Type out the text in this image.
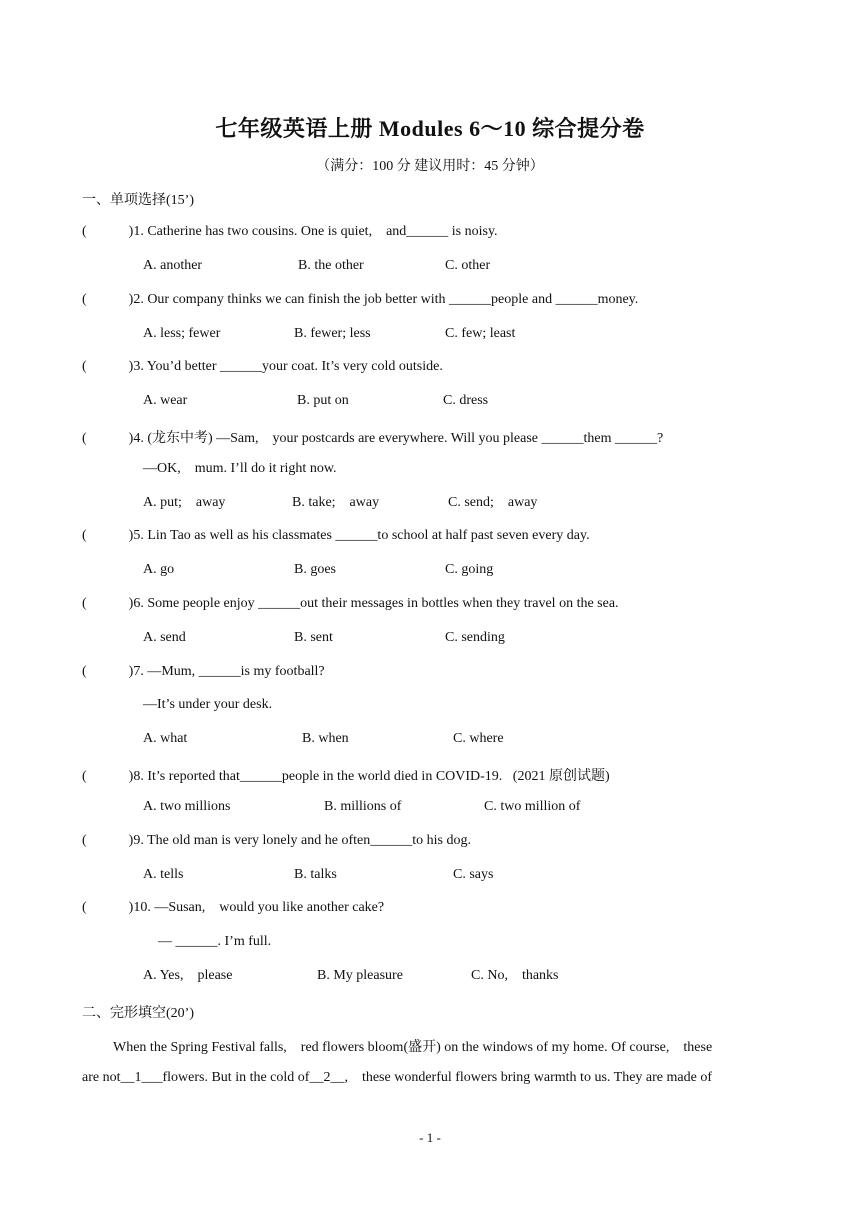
七年级英语上册 Modules 6～10 综合提分卷
（满分：100 分 建议用时：45 分钟）
一、单项选择(15’)
(            )1. Catherine has two cousins. One is quiet,    and______ is noisy.

A. another

	B. the other

	C. other

(            )2. Our company thinks we can finish the job better with ______people and ______money.

A. less; fewer

	B. fewer; less

	C. few; least

(            )3. You’d better ______your coat. It’s very cold outside.

A. wear

	B. put on

	C. dress

(            )4. (龙东中考) —Sam,    your postcards are everywhere. Will you please ______them ______?
—OK,    mum. I’ll do it right now.

A. put;    away

	B. take;    away

	C. send;    away

(            )5. Lin Tao as well as his classmates ______to school at half past seven every day.

A. go

	B. goes

	C. going

(            )6. Some people enjoy ______out their messages in bottles when they travel on the sea.

A. send

	B. sent

	C. sending

(            )7. —Mum, ______is my football?
—It’s under your desk.

A. what

	B. when

	C. where

(            )8. It’s reported that______people in the world died in COVID-19.   (2021 原创试题)

A. two millions

	B. millions of

	C. two million of

(            )9. The old man is very lonely and he often______to his dog.

A. tells

	B. talks

	C. says

(            )10. —Susan,    would you like another cake?
— ______. I’m full.

A. Yes,    please

	B. My pleasure

	C. No,    thanks

二、完形填空(20’)
When the Spring Festival falls,    red flowers bloom(盛开) on the windows of my home. Of course,    these
are not__1___flowers. But in the cold of__2__,    these wonderful flowers bring warmth to us. They are made of
- 1 -
